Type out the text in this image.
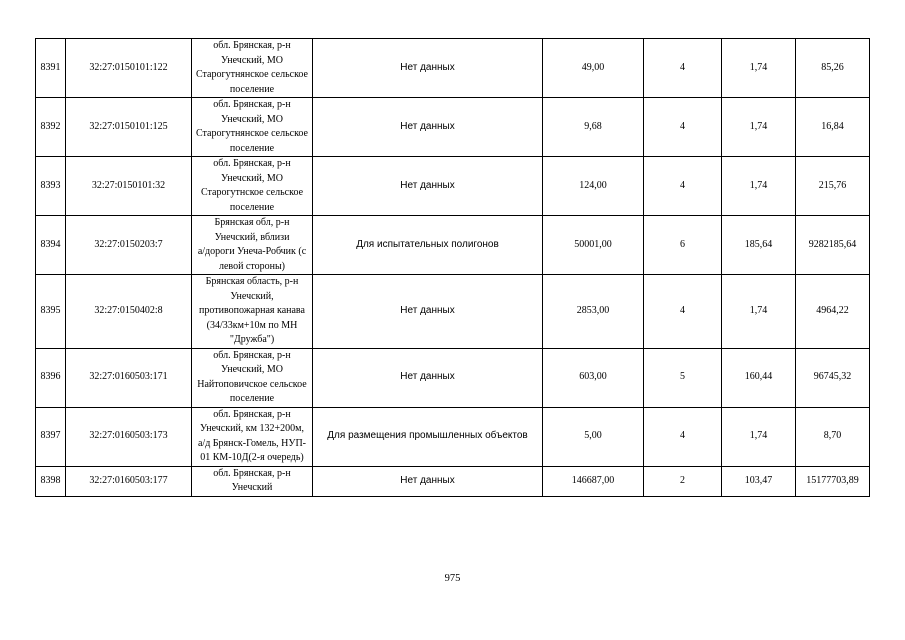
8391	32:27:0150101:122	обл. Брянская, р-н
Унечский, МО
Старогутнянское сельское
поселение	Нет данных	49,00	4	1,74	85,26
8392	32:27:0150101:125	обл. Брянская, р-н
Унечский, МО
Старогутнянское сельское
поселение	Нет данных	9,68	4	1,74	16,84
8393	32:27:0150101:32	обл. Брянская, р-н
Унечский, МО
Старогутнское сельское
поселение	Нет данных	124,00	4	1,74	215,76
8394	32:27:0150203:7	Брянская обл, р-н
Унечский, вблизи
а/дороги Унеча-Робчик (с
левой стороны)	Для испытательных полигонов	50001,00	6	185,64	9282185,64
8395	32:27:0150402:8	Брянская область, р-н
Унечский,
противопожарная канава
(34/33км+10м по МН
"Дружба")	Нет данных	2853,00	4	1,74	4964,22
8396	32:27:0160503:171	обл. Брянская, р-н
Унечский, МО
Найтоповичское сельское
поселение	Нет данных	603,00	5	160,44	96745,32
8397	32:27:0160503:173	обл. Брянская, р-н
Унечский, км 132+200м,
а/д Брянск-Гомель, НУП-
01 КМ-10Д(2-я очередь)	Для размещения промышленных объектов	5,00	4	1,74	8,70
8398	32:27:0160503:177	обл. Брянская, р-н
Унечский	Нет данных	146687,00	2	103,47	15177703,89
975
